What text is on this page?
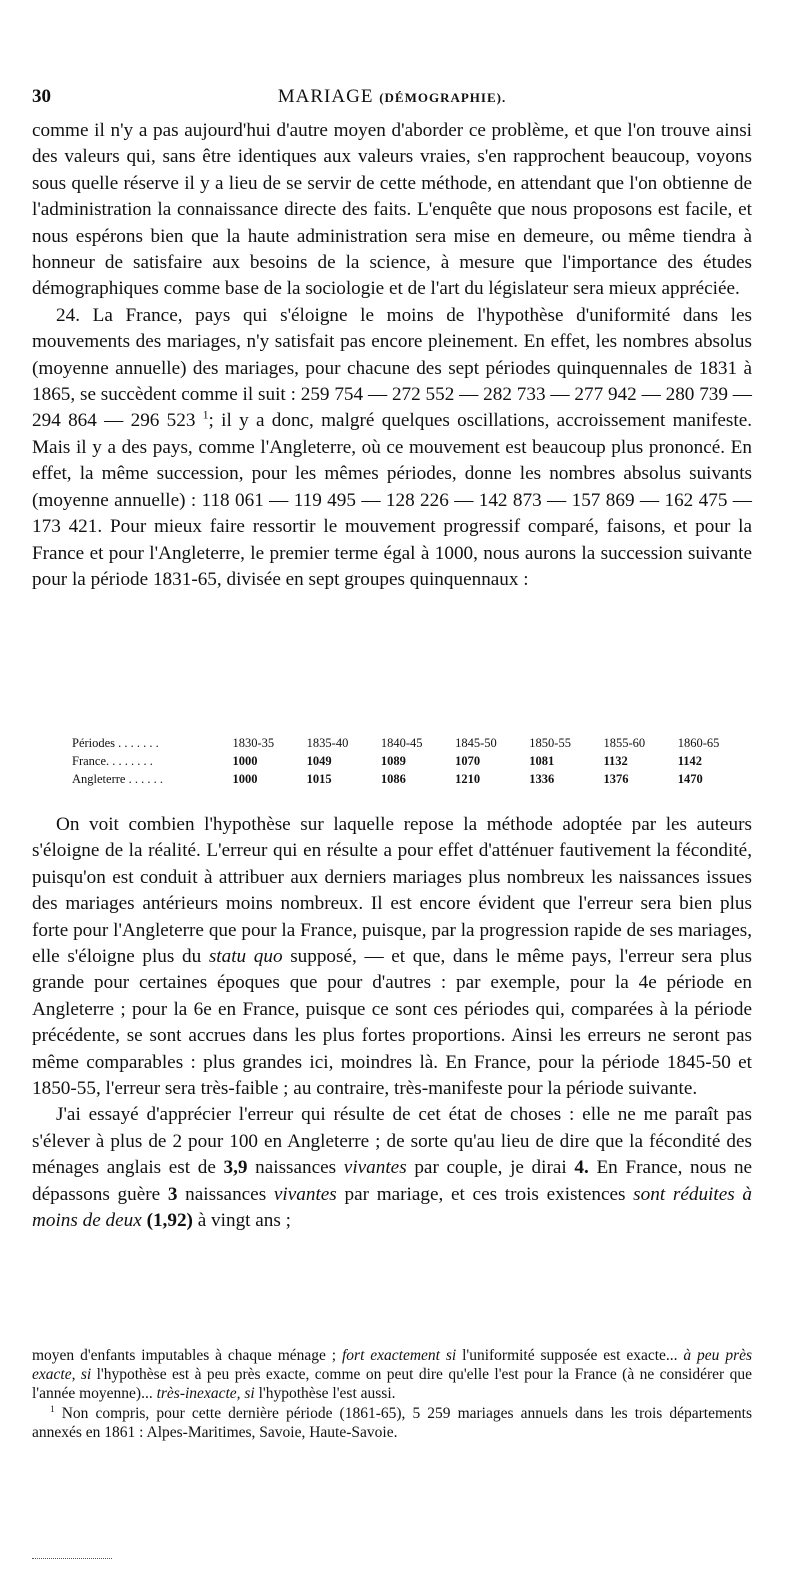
30	MARIAGE (DÉMOGRAPHIE).

comme il n'y a pas aujourd'hui d'autre moyen d'aborder ce problème, et que l'on trouve ainsi des valeurs qui, sans être identiques aux valeurs vraies, s'en rapprochent beaucoup, voyons sous quelle réserve il y a lieu de se servir de cette méthode, en attendant que l'on obtienne de l'administration la connaissance directe des faits. L'enquête que nous proposons est facile, et nous espérons bien que la haute administration sera mise en demeure, ou même tiendra à honneur de satisfaire aux besoins de la science, à mesure que l'importance des études démographiques comme base de la sociologie et de l'art du législateur sera mieux appréciée.

24. La France, pays qui s'éloigne le moins de l'hypothèse d'uniformité dans les mouvements des mariages, n'y satisfait pas encore pleinement. En effet, les nombres absolus (moyenne annuelle) des mariages, pour chacune des sept périodes quinquennales de 1831 à 1865, se succèdent comme il suit : 259 754 — 272 552 — 282 733 — 277 942 — 280 739 — 294 864 — 296 523 $^1$; il y a donc, malgré quelques oscillations, accroissement manifeste. Mais il y a des pays, comme l'Angleterre, où ce mouvement est beaucoup plus prononcé. En effet, la même succession, pour les mêmes périodes, donne les nombres absolus suivants (moyenne annuelle) : 118 061 — 119 495 — 128 226 — 142 873 — 157 869 — 162 475 — 173 421. Pour mieux faire ressortir le mouvement progressif comparé, faisons, et pour la France et pour l'Angleterre, le premier terme égal à 1000, nous aurons la succession suivante pour la période 1831-65, divisée en sept groupes quinquennaux :

Périodes . . . . . . .	1830-35	1835-40	1840-45	1845-50	1850-55	1855-60	1860-65
France. . . . . . . .	1000	1049	1089	1070	1081	1132	1142
Angleterre . . . . . .	1000	1015	1086	1210	1336	1376	1470

On voit combien l'hypothèse sur laquelle repose la méthode adoptée par les auteurs s'éloigne de la réalité. L'erreur qui en résulte a pour effet d'atténuer fautivement la fécondité, puisqu'on est conduit à attribuer aux derniers mariages plus nombreux les naissances issues des mariages antérieurs moins nombreux. Il est encore évident que l'erreur sera bien plus forte pour l'Angleterre que pour la France, puisque, par la progression rapide de ses mariages, elle s'éloigne plus du statu quo supposé, — et que, dans le même pays, l'erreur sera plus grande pour certaines époques que pour d'autres : par exemple, pour la 4e période en Angleterre ; pour la 6e en France, puisque ce sont ces périodes qui, comparées à la période précédente, se sont accrues dans les plus fortes proportions. Ainsi les erreurs ne seront pas même comparables : plus grandes ici, moindres là. En France, pour la période 1845-50 et 1850-55, l'erreur sera très-faible ; au contraire, très-manifeste pour la période suivante.

J'ai essayé d'apprécier l'erreur qui résulte de cet état de choses : elle ne me paraît pas s'élever à plus de 2 pour 100 en Angleterre ; de sorte qu'au lieu de dire que la fécondité des ménages anglais est de 3,9 naissances vivantes par couple, je dirai 4. En France, nous ne dépassons guère 3 naissances vivantes par mariage, et ces trois existences sont réduites à moins de deux (1,92) à vingt ans ;

moyen d'enfants imputables à chaque ménage ; fort exactement si l'uniformité supposée est exacte... à peu près exacte, si l'hypothèse est à peu près exacte, comme on peut dire qu'elle l'est pour la France (à ne considérer que l'année moyenne)... très-inexacte, si l'hypothèse l'est aussi.

$^1$ Non compris, pour cette dernière période (1861-65), 5 259 mariages annuels dans les trois départements annexés en 1861 : Alpes-Maritimes, Savoie, Haute-Savoie.
